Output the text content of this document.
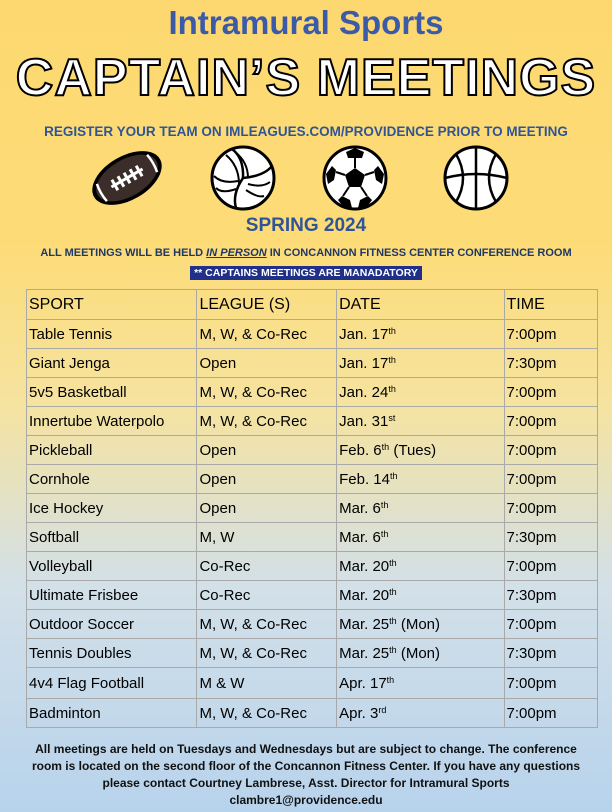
Intramural Sports
CAPTAIN’S MEETINGS
REGISTER YOUR TEAM ON IMLEAGUES.COM/PROVIDENCE PRIOR TO MEETING
SPRING 2024
ALL MEETINGS WILL BE HELD IN PERSON IN CONCANNON FITNESS CENTER CONFERENCE ROOM
** CAPTAINS MEETINGS ARE MANADATORY
SPORT	LEAGUE (S)	DATE	TIME
Table Tennis	M, W, & Co-Rec	Jan. 17th	7:00pm
Giant Jenga	Open	Jan. 17th	7:30pm
5v5 Basketball	M, W, & Co-Rec	Jan. 24th	7:00pm
Innertube Waterpolo	M, W, & Co-Rec	Jan. 31st	7:00pm
Pickleball	Open	Feb. 6th (Tues)	7:00pm
Cornhole	Open	Feb. 14th	7:00pm
Ice Hockey	Open	Mar. 6th	7:00pm
Softball	M, W	Mar. 6th	7:30pm
Volleyball	Co-Rec	Mar. 20th	7:00pm
Ultimate Frisbee	Co-Rec	Mar. 20th	7:30pm
Outdoor Soccer	M, W, & Co-Rec	Mar. 25th (Mon)	7:00pm
Tennis Doubles	M, W, & Co-Rec	Mar. 25th (Mon)	7:30pm
4v4 Flag Football	M & W	Apr. 17th	7:00pm
Badminton	M, W, & Co-Rec	Apr. 3rd	7:00pm
All meetings are held on Tuesdays and Wednesdays but are subject to change. The conference
room is located on the second floor of the Concannon Fitness Center. If you have any questions
please contact Courtney Lambrese, Asst. Director for Intramural Sports
clambre1@providence.edu
